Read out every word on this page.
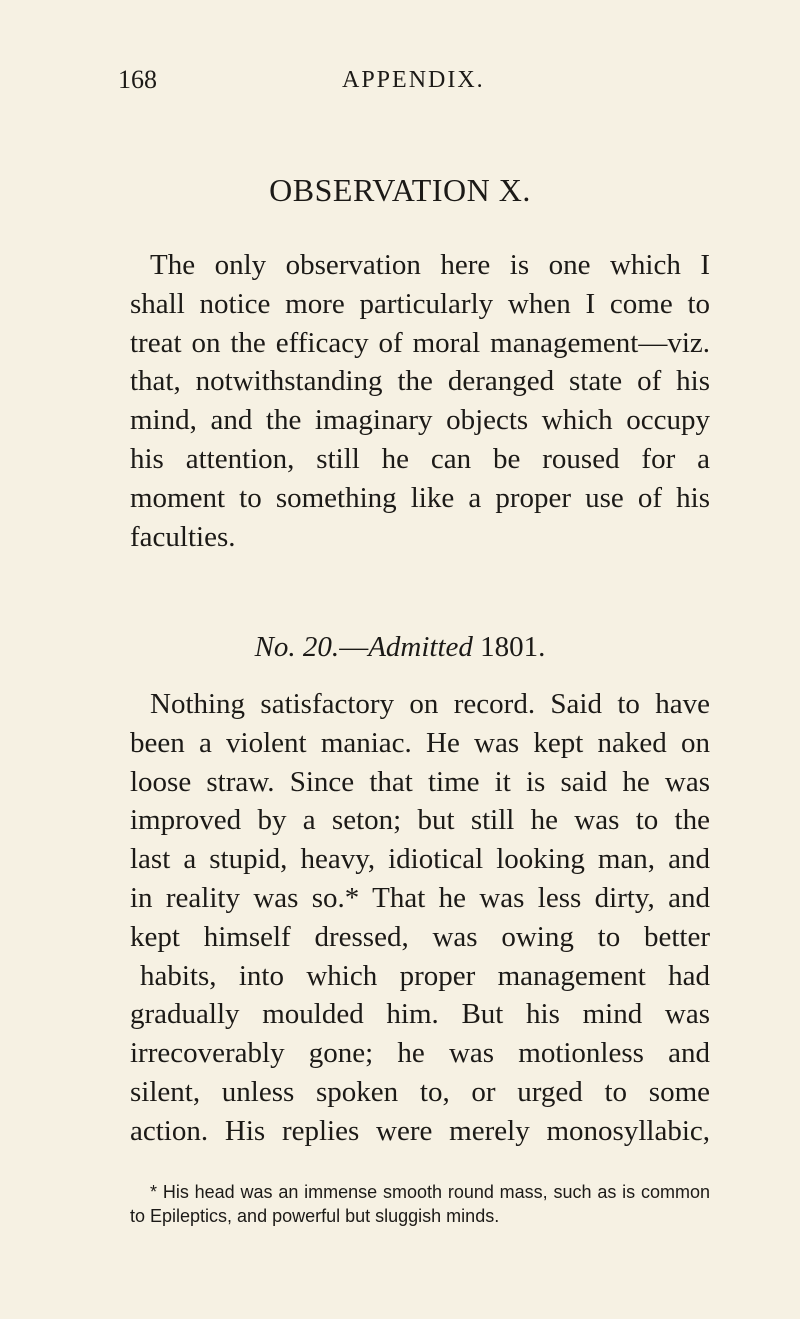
168	APPENDIX.
OBSERVATION X.
The only observation here is one which I
shall notice more particularly when I come to
treat on the efficacy of moral management—viz.
that, notwithstanding the deranged state of his
mind, and the imaginary objects which occupy
his attention, still he can be roused for a
moment to something like a proper use of his
faculties.
No. 20.—Admitted 1801.
Nothing satisfactory on record. Said to have
been a violent maniac. He was kept naked on
loose straw. Since that time it is said he was
improved by a seton; but still he was to the
last a stupid, heavy, idiotical looking man, and
in reality was so.* That he was less dirty, and
kept himself dressed, was owing to better
habits, into which proper management had
gradually moulded him. But his mind was
irrecoverably gone; he was motionless and
silent, unless spoken to, or urged to some
action. His replies were merely monosyllabic,
* His head was an immense smooth round mass, such as is common
to Epileptics, and powerful but sluggish minds.
